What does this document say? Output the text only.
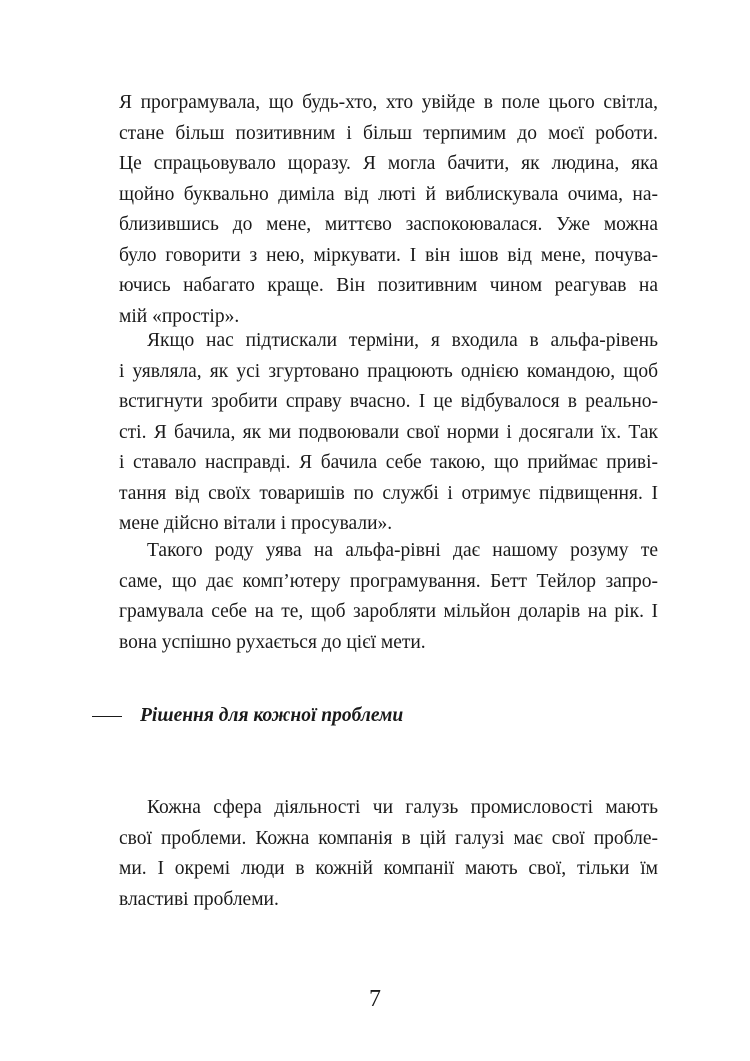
Я програмувала, що будь-хто, хто увійде в поле цього світла,
стане більш позитивним і більш терпимим до моєї роботи.
Це спрацьовувало щоразу. Я могла бачити, як людина, яка
щойно буквально диміла від люті й виблискувала очима, на-
близившись до мене, миттєво заспокоювалася. Уже можна
було говорити з нею, міркувати. І він ішов від мене, почува-
ючись набагато краще. Він позитивним чином реагував на
мій «простір».
Якщо нас підтискали терміни, я входила в альфа-рівень
і уявляла, як усі згуртовано працюють однією командою, щоб
встигнути зробити справу вчасно. І це відбувалося в реально-
сті. Я бачила, як ми подвоювали свої норми і досягали їх. Так
і ставало насправді. Я бачила себе такою, що приймає приві-
тання від своїх товаришів по службі і отримує підвищення. І
мене дійсно вітали і просували».
Такого роду уява на альфа-рівні дає нашому розуму те
саме, що дає комп’ютеру програмування. Бетт Тейлор запро-
грамувала себе на те, щоб заробляти мільйон доларів на рік. І
вона успішно рухається до цієї мети.
Рішення для кожної проблеми
Кожна сфера діяльності чи галузь промисловості мають
свої проблеми. Кожна компанія в цій галузі має свої пробле-
ми. І окремі люди в кожній компанії мають свої, тільки їм
властиві проблеми.
7
